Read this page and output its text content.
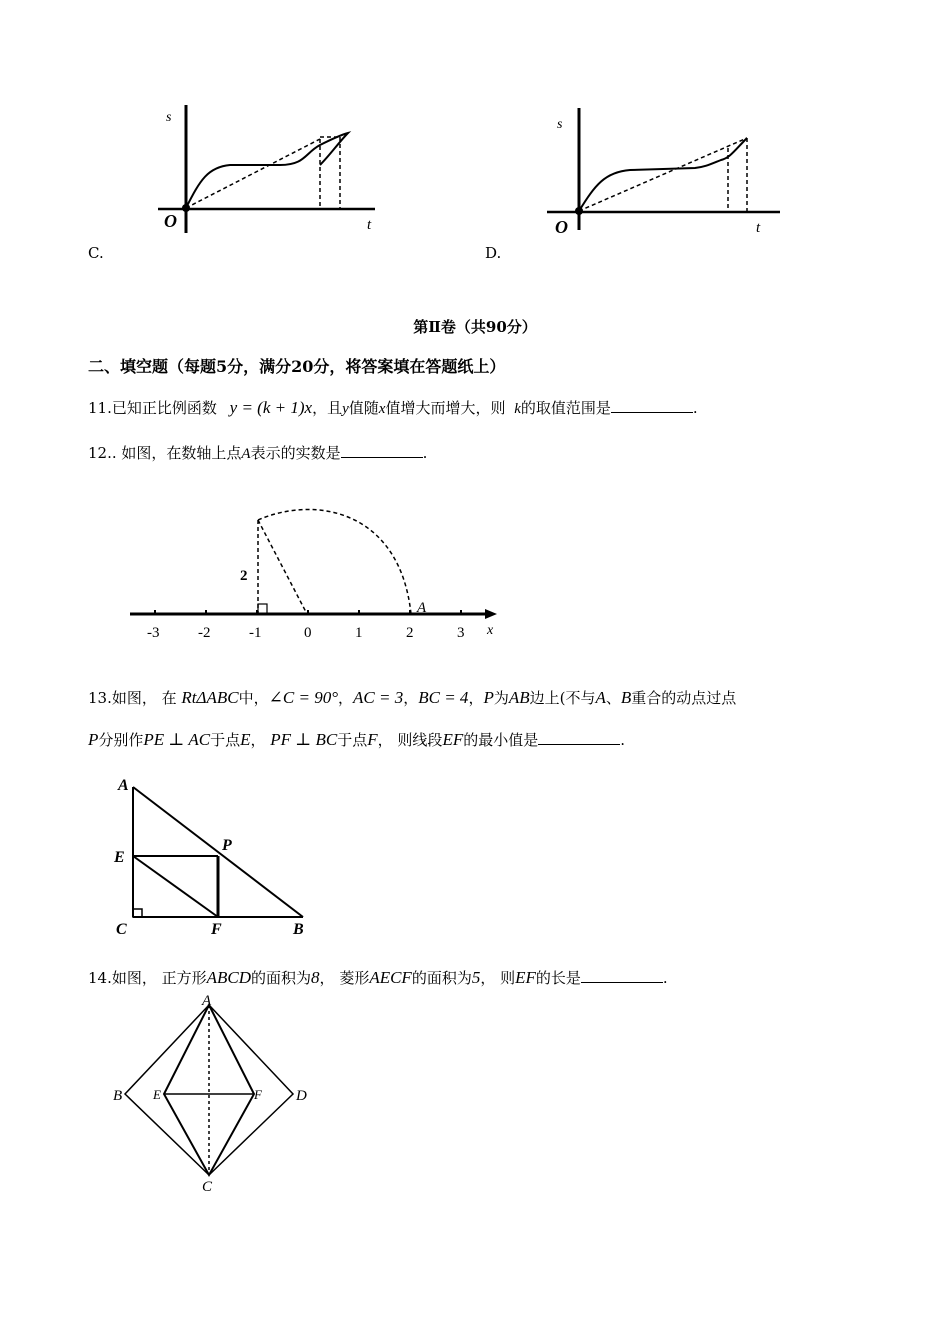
s
O	t
C.
s
O	t
D.
第Ⅱ卷（共90分）
二、填空题（每题5分，满分20分，将答案填在答题纸上）
11.已知正比例函数 y = (k + 1)x，且y值随x值增大而增大，则 k的取值范围是	.
12.. 如图，在数轴上点A表示的实数是	.
-3	-2	-1	0	1	2	3
2
A
x
13.如图， 在 RtΔABC中，∠C = 90°，AC = 3，BC = 4，P为AB边上(不与A、B重合的动点过点
P分别作PE ⊥ AC于点E， PF ⊥ BC于点F， 则线段EF的最小值是	.
A
E
C	F	B
P
14.如图， 正方形ABCD的面积为8， 菱形AECF的面积为5， 则EF的长是	.
A
B
C
D
E	F
